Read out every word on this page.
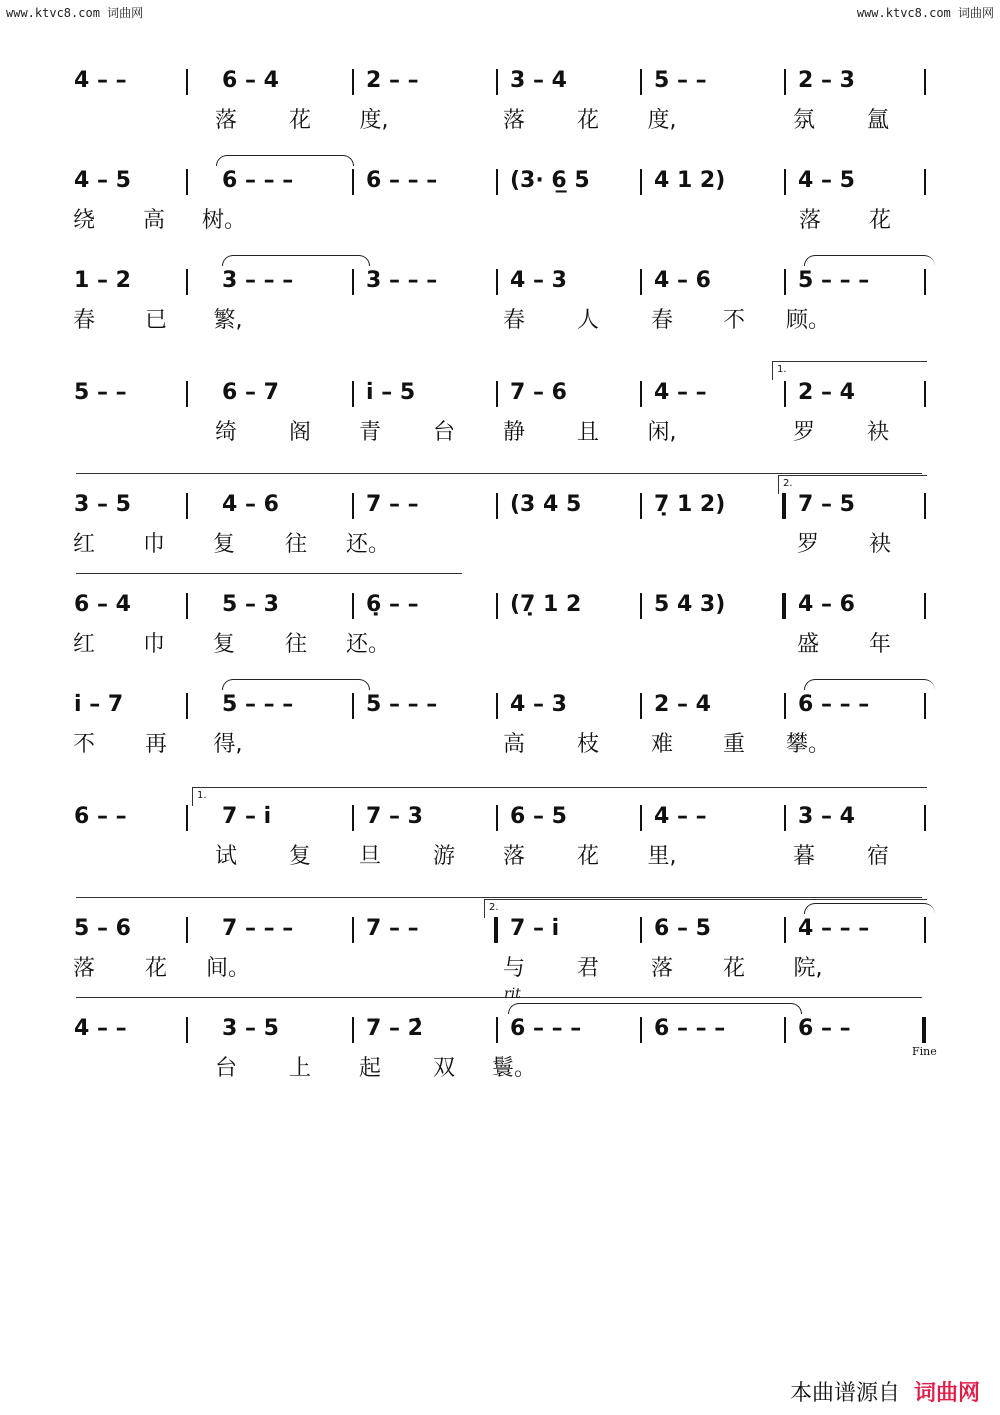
www.ktvc8.com 词曲网	www.ktvc8.com 词曲网
4 – –	6 – 4	2 – –	3 – 4	5 – –	2 – 3
落 花 度,	落 花 度,	氛 氲
4 – 5	6 – – –	6 – – –	(3· 6̲ 5	4 1 2)	4 – 5
绕 高 树。	落 花
1 – 2	3 – – –	3 – – –	4 – 3	4 – 6	5 – – –
春 已 繁,	春 人 春 不 顾。
1.
5 – –	6 – 7	i̇ – 5	7 – 6	4 – –	2 – 4
绮 阁 青 台 静 且 闲,	罗 袂
2.
3 – 5	4 – 6	7 – –	(3 4 5	7̣ 1 2)	7 – 5
红 巾 复 往 还。	罗 袂
6 – 4	5 – 3	6̣ – –	(7̣ 1 2	5 4 3)	4 – 6
红 巾 复 往 还。	盛 年
i̇ – 7	5 – – –	5 – – –	4 – 3	2 – 4	6 – – –
不 再 得,	高 枝 难 重 攀。
1.
6 – –	7 – i̇	7 – 3	6 – 5	4 – –	3 – 4
试 复 旦 游 落 花 里,	暮 宿
2.
5 – 6	7 – – –	7 – –	7 – i̇	6 – 5	4 – – –
落 花 间。	与 君 落 花 院,
rit
4 – –	3 – 5	7 – 2̇	6 – – –	6 – – –	6 – –
Fine
台 上 起 双 鬟。
本曲谱源自 词曲网
